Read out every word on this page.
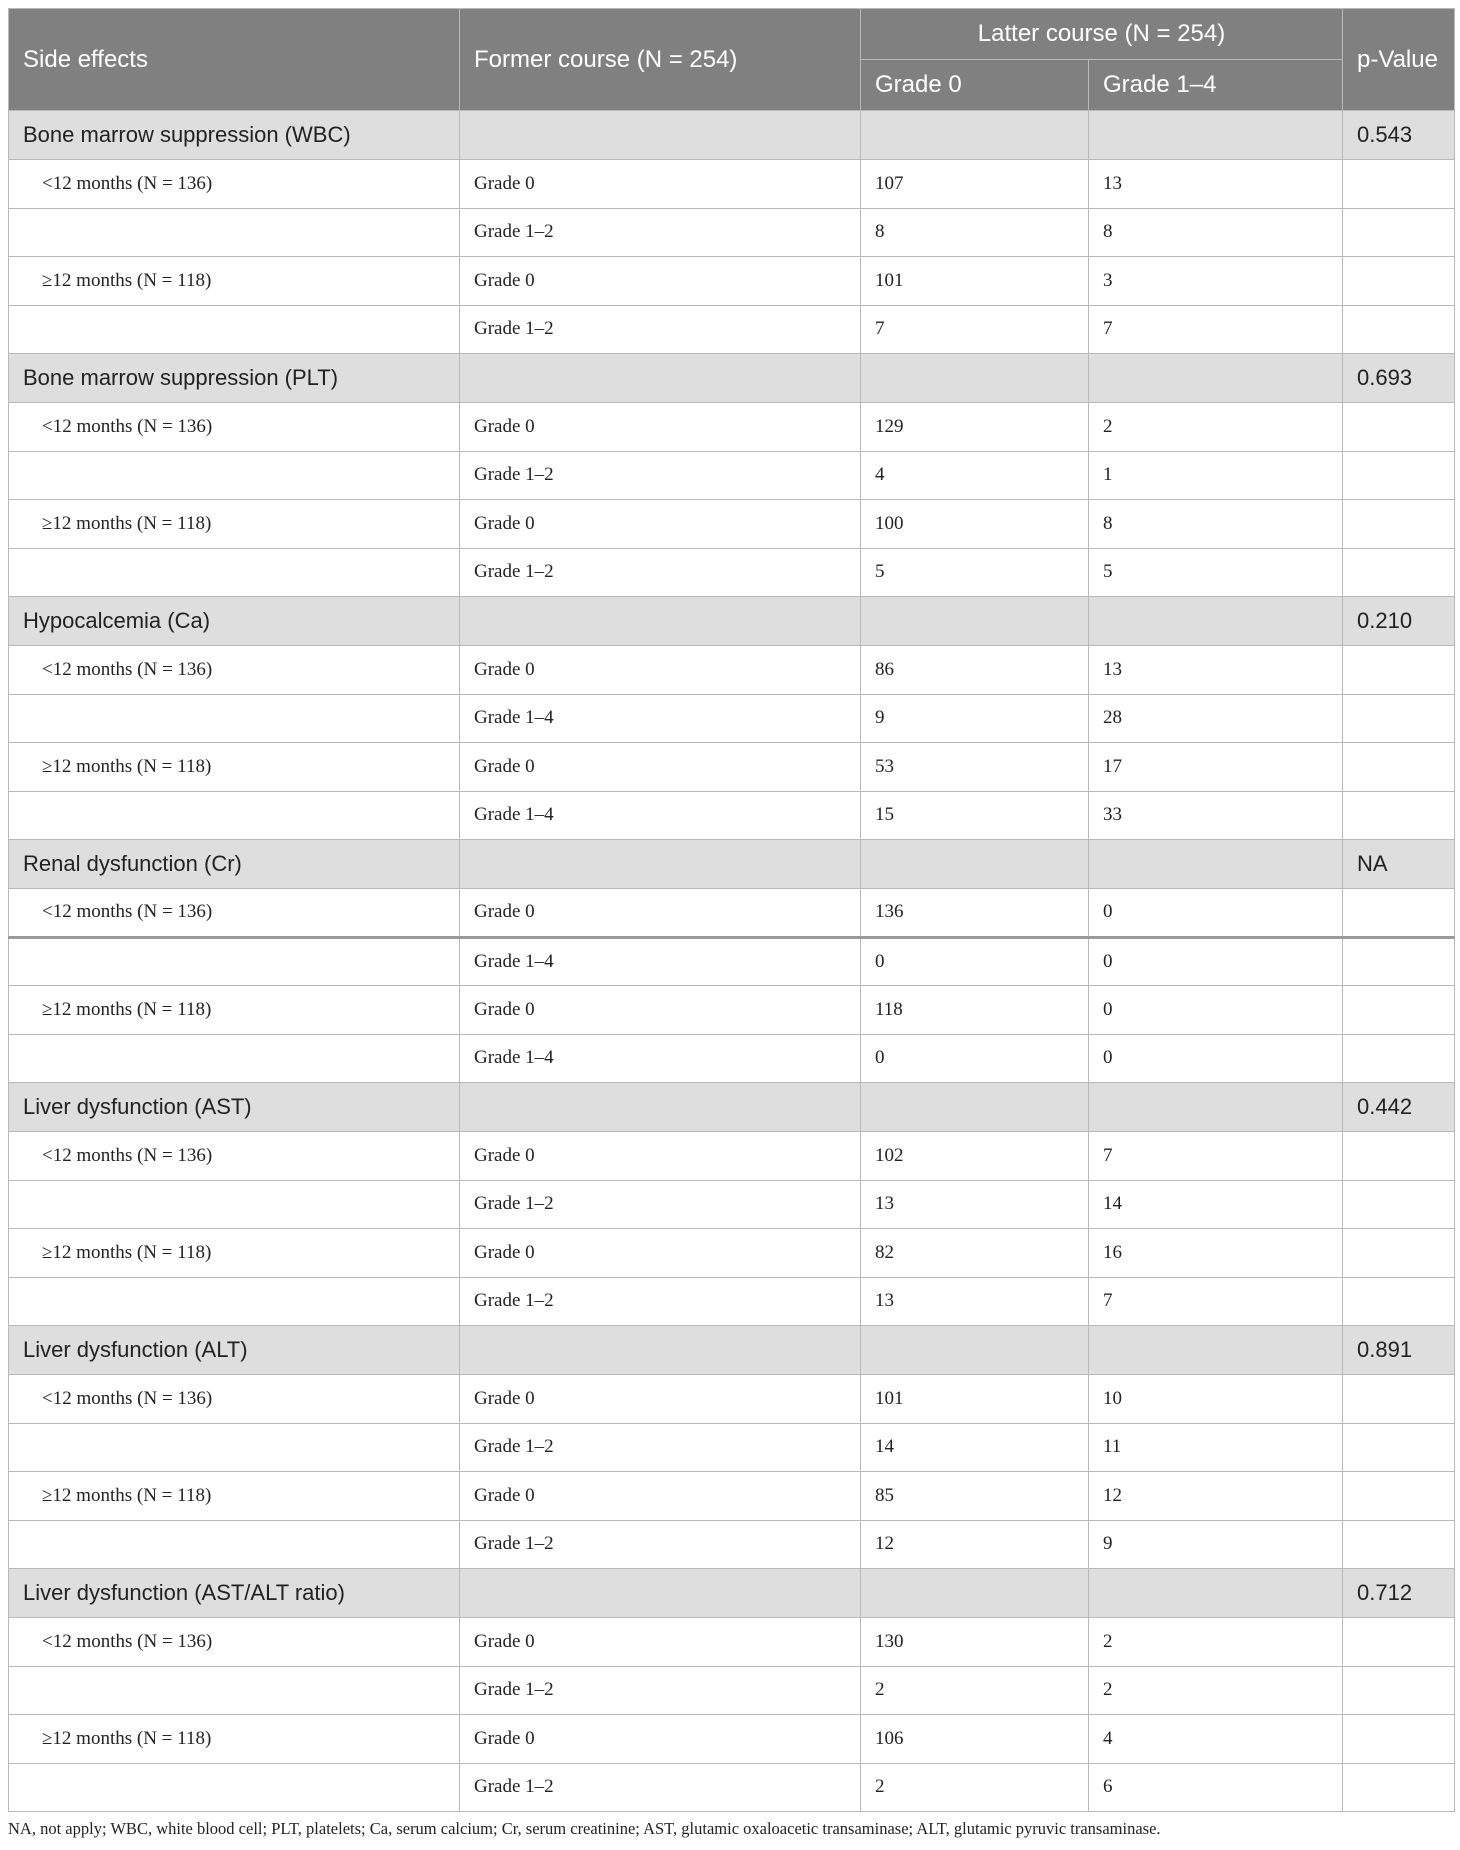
Side effects	Former course (N = 254)	Latter course (N = 254)		p-Value
		Grade 0	Grade 1–4	
Bone marrow suppression (WBC)				0.543
<12 months (N = 136)	Grade 0	107	13	
	Grade 1–2	8	8	
≥12 months (N = 118)	Grade 0	101	3	
	Grade 1–2	7	7	
Bone marrow suppression (PLT)				0.693
<12 months (N = 136)	Grade 0	129	2	
	Grade 1–2	4	1	
≥12 months (N = 118)	Grade 0	100	8	
	Grade 1–2	5	5	
Hypocalcemia (Ca)				0.210
<12 months (N = 136)	Grade 0	86	13	
	Grade 1–4	9	28	
≥12 months (N = 118)	Grade 0	53	17	
	Grade 1–4	15	33	
Renal dysfunction (Cr)				NA
<12 months (N = 136)	Grade 0	136	0	
	Grade 1–4	0	0	
≥12 months (N = 118)	Grade 0	118	0	
	Grade 1–4	0	0	
Liver dysfunction (AST)				0.442
<12 months (N = 136)	Grade 0	102	7	
	Grade 1–2	13	14	
≥12 months (N = 118)	Grade 0	82	16	
	Grade 1–2	13	7	
Liver dysfunction (ALT)				0.891
<12 months (N = 136)	Grade 0	101	10	
	Grade 1–2	14	11	
≥12 months (N = 118)	Grade 0	85	12	
	Grade 1–2	12	9	
Liver dysfunction (AST/ALT ratio)				0.712
<12 months (N = 136)	Grade 0	130	2	
	Grade 1–2	2	2	
≥12 months (N = 118)	Grade 0	106	4	
	Grade 1–2	2	6	
NA, not apply; WBC, white blood cell; PLT, platelets; Ca, serum calcium; Cr, serum creatinine; AST, glutamic oxaloacetic transaminase; ALT, glutamic pyruvic transaminase.
